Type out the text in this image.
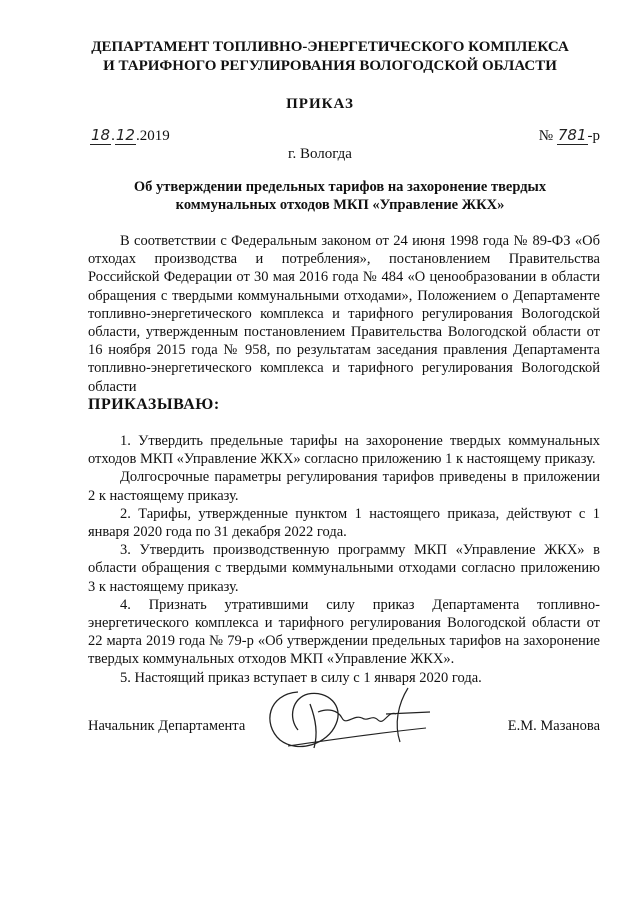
ДЕПАРТАМЕНТ ТОПЛИВНО-ЭНЕРГЕТИЧЕСКОГО КОМПЛЕКСА
И ТАРИФНОГО РЕГУЛИРОВАНИЯ ВОЛОГОДСКОЙ ОБЛАСТИ
ПРИКАЗ
18.12.2019	№ 781-р
г. Вологда
Об утверждении предельных тарифов на захоронение твердых
коммунальных отходов МКП «Управление ЖКХ»

В соответствии с Федеральным законом от 24 июня 1998 года № 89-ФЗ «Об отходах производства и потребления», постановлением Правительства Российской Федерации от 30 мая 2016 года № 484 «О ценообразовании в области обращения с твердыми коммунальными отходами», Положением о Департаменте топливно-энергетического комплекса и тарифного регулирования Вологодской области, утвержденным постановлением Правительства Вологодской области от 16 ноября 2015 года № 958, по результатам заседания правления Департамента топливно-энергетического комплекса и тарифного регулирования Вологодской области

ПРИКАЗЫВАЮ:

1. Утвердить предельные тарифы на захоронение твердых коммунальных отходов МКП «Управление ЖКХ» согласно приложению 1 к настоящему приказу.

Долгосрочные параметры регулирования тарифов приведены в приложении 2 к настоящему приказу.

2. Тарифы, утвержденные пунктом 1 настоящего приказа, действуют с 1 января 2020 года по 31 декабря 2022 года.

3. Утвердить производственную программу МКП «Управление ЖКХ» в области обращения с твердыми коммунальными отходами согласно приложению 3 к настоящему приказу.

4. Признать утратившими силу приказ Департамента топливно-энергетического комплекса и тарифного регулирования Вологодской области от 22 марта 2019 года № 79-р «Об утверждении предельных тарифов на захоронение твердых коммунальных отходов МКП «Управление ЖКХ».

5. Настоящий приказ вступает в силу с 1 января 2020 года.

Начальник Департамента	Е.М. Мазанова
